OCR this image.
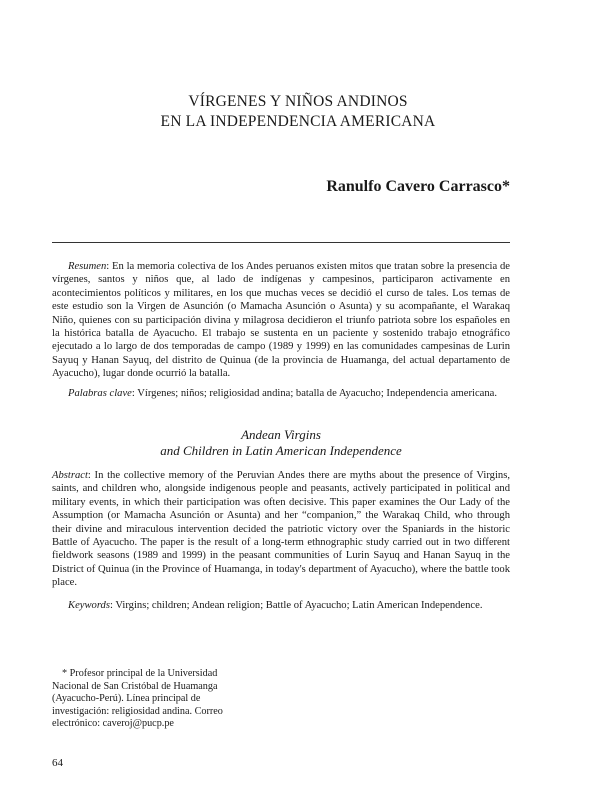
VÍRGENES Y NIÑOS ANDINOS
EN LA INDEPENDENCIA AMERICANA
Ranulfo Cavero Carrasco*
Resumen: En la memoria colectiva de los Andes peruanos existen mitos que tratan sobre la presencia de vírgenes, santos y niños que, al lado de indígenas y campesinos, participaron activamente en acontecimientos políticos y militares, en los que muchas veces se decidió el curso de tales. Los temas de este estudio son la Virgen de Asunción (o Mamacha Asunción o Asunta) y su acompañante, el Warakaq Niño, quienes con su participación divina y milagrosa decidieron el triunfo patriota sobre los españoles en la histórica batalla de Ayacucho. El trabajo se sustenta en un paciente y sostenido trabajo etnográfico ejecutado a lo largo de dos temporadas de campo (1989 y 1999) en las comunidades campesinas de Lurin Sayuq y Hanan Sayuq, del distrito de Quinua (de la provincia de Huamanga, del actual departamento de Ayacucho), lugar donde ocurrió la batalla.
Palabras clave: Vírgenes; niños; religiosidad andina; batalla de Ayacucho; Independencia americana.
Andean Virgins
and Children in Latin American Independence
Abstract: In the collective memory of the Peruvian Andes there are myths about the presence of Virgins, saints, and children who, alongside indigenous people and peasants, actively participated in political and military events, in which their participation was often decisive. This paper examines the Our Lady of the Assumption (or Mamacha Asunción or Asunta) and her “companion,” the Warakaq Child, who through their divine and miraculous intervention decided the patriotic victory over the Spaniards in the historic Battle of Ayacucho. The paper is the result of a long-term ethnographic study carried out in two different fieldwork seasons (1989 and 1999) in the peasant communities of Lurin Sayuq and Hanan Sayuq in the District of Quinua (in the Province of Huamanga, in today's department of Ayacucho), where the battle took place.
Keywords: Virgins; children; Andean religion; Battle of Ayacucho; Latin American Independence.
* Profesor principal de la Universidad Nacional de San Cristóbal de Huamanga (Ayacucho-Perú). Línea principal de investigación: religiosidad andina. Correo electrónico: caveroj@pucp.pe
64
